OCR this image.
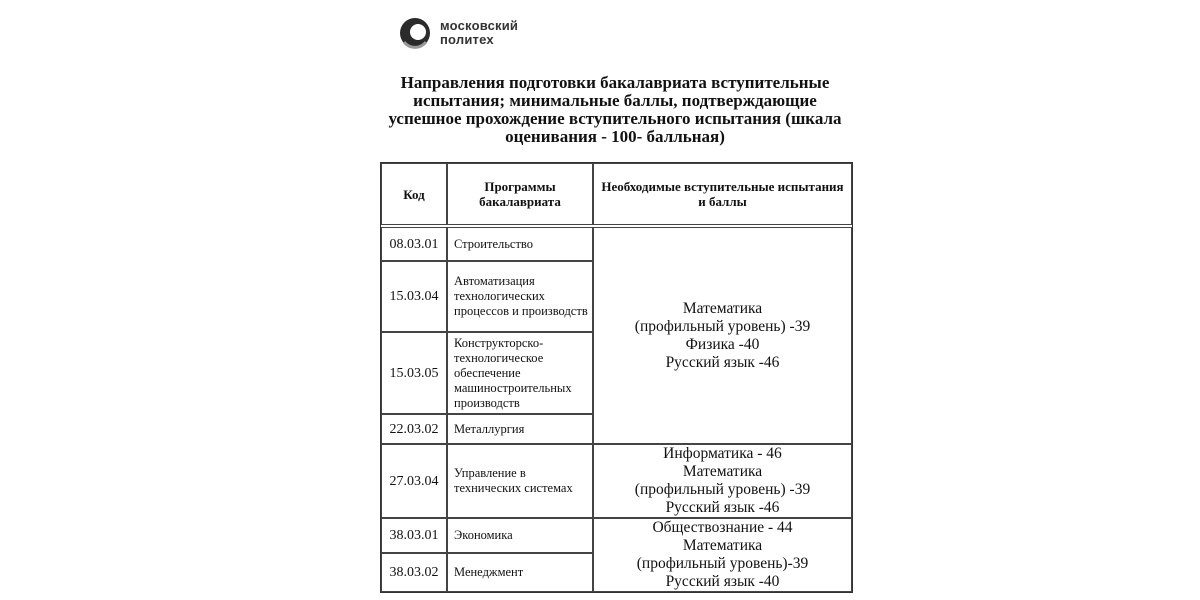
московский
политех
Направления подготовки бакалавриата вступительные испытания; минимальные баллы, подтверждающие успешное прохождение вступительного испытания (шкала оценивания - 100- балльная)
Код	Программы бакалавриата	Необходимые вступительные испытания и баллы

08.03.01	Строительство	Математика
(профильный уровень) -39
Физика -40
Русский язык -46

15.03.04	Автоматизация технологических процессов и производств	
15.03.05	Конструкторско-технологическое обеспечение машиностроительных производств	
22.03.02	Металлургия	
27.03.04	Управление в технических системах	Информатика - 46
Математика
(профильный уровень) -39
Русский язык -46

38.03.01	Экономика	Обществознание - 44
Математика
(профильный уровень)-39
Русский язык -40

38.03.02	Менеджмент	
